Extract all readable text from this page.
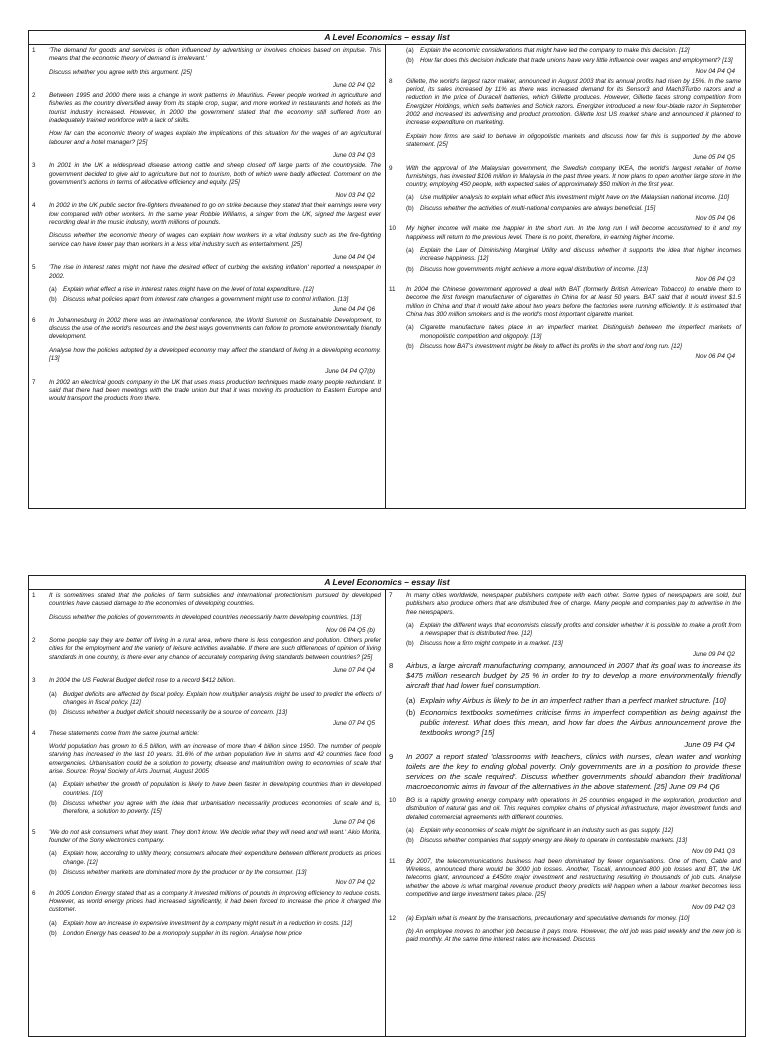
A Level Economics – essay list
1 'The demand for goods and services is often influenced by advertising or involves choices based on impulse. This means that the economic theory of demand is irrelevant.'

Discuss whether you agree with this argument. [25]

June 02 P4 Q2
2 Between 1995 and 2000 there was a change in work patterns in Mauritius. Fewer people worked in agriculture and fisheries as the country diversified away from its staple crop, sugar, and more worked in restaurants and hotels as the tourist industry increased. However, in 2000 the government stated that the economy still suffered from an inadequately trained workforce with a lack of skills.

How far can the economic theory of wages explain the implications of this situation for the wages of an agricultural labourer and a hotel manager? [25]

June 03 P4 Q3
3 In 2001 in the UK a widespread disease among cattle and sheep closed off large parts of the countryside. The government decided to give aid to agriculture but not to tourism, both of which were badly affected. Comment on the government's actions in terms of allocative efficiency and equity. [25]

Nov 03 P4 Q2
4 In 2002 in the UK public sector fire-fighters threatened to go on strike because they stated that their earnings were very low compared with other workers. In the same year Robbie Williams, a singer from the UK, signed the largest ever recording deal in the music industry, worth millions of pounds.

Discuss whether the economic theory of wages can explain how workers in a vital industry such as the fire-fighting service can have lower pay than workers in a less vital industry such as entertainment. [25]

June 04 P4 Q4
5 'The rise in interest rates might not have the desired effect of curbing the existing inflation' reported a newspaper in 2002.

(a) Explain what effect a rise in interest rates might have on the level of total expenditure. [12]
(b) Discuss what policies apart from interest rate changes a government might use to control inflation. [13]
June 04 P4 Q6
6 In Johannesburg in 2002 there was an international conference, the World Summit on Sustainable Development, to discuss the use of the world's resources and the best ways governments can follow to promote environmentally friendly development.

Analyse how the policies adopted by a developed economy may affect the standard of living in a developing economy. [13]

June 04 P4 Q7(b)
7 In 2002 an electrical goods company in the UK that uses mass production techniques made many people redundant. It said that there had been meetings with the trade union but that it was moving its production to Eastern Europe and would transport the products from there.

(a) Explain the economic considerations that might have led the company to make this decision. [12]
(b) How far does this decision indicate that trade unions have very little influence over wages and employment? [13]
Nov 04 P4 Q4
8 Gillette, the world's largest razor maker, announced in August 2003 that its annual profits had risen by 15%. In the same period, its sales increased by 11% as there was increased demand for its Sensor3 and Mach3Turbo razors and a reduction in the price of Duracell batteries, which Gillette produces. However, Gillette faces strong competition from Energizer Holdings, which sells batteries and Schick razors. Energizer introduced a new four-blade razor in September 2002 and increased its advertising and product promotion. Gillette lost US market share and announced it planned to increase expenditure on marketing.

Explain how firms are said to behave in oligopolistic markets and discuss how far this is supported by the above statement. [25]

June 05 P4 Q5
9 With the approval of the Malaysian government, the Swedish company IKEA, the world's largest retailer of home furnishings, has invested $106 million in Malaysia in the past three years. It now plans to open another large store in the country, employing 450 people, with expected sales of approximately $50 million in the first year.

(a) Use multiplier analysis to explain what effect this investment might have on the Malaysian national income. [10]
(b) Discuss whether the activities of multi-national companies are always beneficial. [15]
Nov 05 P4 Q6
10 My higher income will make me happier in the short run. In the long run I will become accustomed to it and my happiness will return to the previous level. There is no point, therefore, in earning higher income.

(a) Explain the Law of Diminishing Marginal Utility and discuss whether it supports the idea that higher incomes increase happiness. [12]
(b) Discuss how governments might achieve a more equal distribution of income. [13]
Nov 06 P4 Q3
11 In 2004 the Chinese government approved a deal with BAT (formerly British American Tobacco) to enable them to become the first foreign manufacturer of cigarettes in China for at least 50 years. BAT said that it would invest $1.5 million in China and that it would take about two years before the factories were running efficiently. It is estimated that China has 300 million smokers and is the world's most important cigarette market.

(a) Cigarette manufacture takes place in an imperfect market. Distinguish between the imperfect markets of monopolistic competition and oligopoly. [13]
(b) Discuss how BAT's investment might be likely to affect its profits in the short and long run. [12]
Nov 06 P4 Q4
A Level Economics – essay list
1 It is sometimes stated that the policies of farm subsidies and international protectionism pursued by developed countries have caused damage to the economies of developing countries.

Discuss whether the policies of governments in developed countries necessarily harm developing countries. [13]

Nov 06 P4 Q5 (b)
2 Some people say they are better off living in a rural area, where there is less congestion and pollution. Others prefer cities for the employment and the variety of leisure activities available. If there are such differences of opinion of living standards in one country, is there ever any chance of accurately comparing living standards between countries? [25]

June 07 P4 Q4
3 In 2004 the US Federal Budget deficit rose to a record $412 billion.

(a) Budget deficits are affected by fiscal policy. Explain how multiplier analysis might be used to predict the effects of changes in fiscal policy. [12]
(b) Discuss whether a budget deficit should necessarily be a source of concern. [13]
June 07 P4 Q5
4 These statements come from the same journal article:

World population has grown to 6.5 billion, with an increase of more than 4 billion since 1950. The number of people starving has increased in the last 10 years. 31.6% of the urban population live in slums and 42 countries face food emergencies. Urbanisation could be a solution to poverty, disease and malnutrition owing to economies of scale that arise. Source: Royal Society of Arts Journal, August 2005

(a) Explain whether the growth of population is likely to have been faster in developing countries than in developed countries. [10]
(b) Discuss whether you agree with the idea that urbanisation necessarily produces economies of scale and is, therefore, a solution to poverty. [15]
June 07 P4 Q6
5 'We do not ask consumers what they want. They don't know. We decide what they will need and will want.' Akio Morita, founder of the Sony electronics company.

(a) Explain how, according to utility theory, consumers allocate their expenditure between different products as prices change. [12]
(b) Discuss whether markets are dominated more by the producer or by the consumer. [13]
Nov 07 P4 Q2
6 In 2005 London Energy stated that as a company it invested millions of pounds in improving efficiency to reduce costs. However, as world energy prices had increased significantly, it had been forced to increase the price it charged the customer.

(a) Explain how an increase in expensive investment by a company might result in a reduction in costs. [12]
(b) London Energy has ceased to be a monopoly supplier in its region. Analyse how price
7 In many cities worldwide, newspaper publishers compete with each other. Some types of newspapers are sold, but publishers also produce others that are distributed free of charge. Many people and companies pay to advertise in the free newspapers.

(a) Explain the different ways that economists classify profits and consider whether it is possible to make a profit from a newspaper that is distributed free. [12]
(b) Discuss how a firm might compete in a market. [13]
June 09 P4 Q2
8 Airbus, a large aircraft manufacturing company, announced in 2007 that its goal was to increase its $475 million research budget by 25 % in order to try to develop a more environmentally friendly aircraft that had lower fuel consumption.

(a) Explain why Airbus is likely to be in an imperfect rather than a perfect market structure. [10]
(b) Economics textbooks sometimes criticise firms in imperfect competition as being against the public interest. What does this mean, and how far does the Airbus announcement prove the textbooks wrong? [15]
June 09 P4 Q4
9 In 2007 a report stated 'classrooms with teachers, clinics with nurses, clean water and working toilets are the key to ending global poverty. Only governments are in a position to provide these services on the scale required'. Discuss whether governments should abandon their traditional macroeconomic aims in favour of the alternatives in the above statement. [25] June 09 P4 Q6

10 BG is a rapidly growing energy company with operations in 25 countries engaged in the exploration, production and distribution of natural gas and oil. This requires complex chains of physical infrastructure, major investment funds and detailed commercial agreements with different countries.

(a) Explain why economies of scale might be significant in an industry such as gas supply. [12]
(b) Discuss whether companies that supply energy are likely to operate in contestable markets. [13]
Nov 09 P41 Q3
11 By 2007, the telecommunications business had been dominated by fewer organisations. One of them, Cable and Wireless, announced there would be 3000 job losses. Another, Tiscali, announced 800 job losses and BT, the UK telecoms giant, announced a £450m major investment and restructuring resulting in thousands of job cuts. Analyse whether the above is what marginal revenue product theory predicts will happen when a labour market becomes less competitive and large investment takes place. [25]

Nov 09 P42 Q3
12 (a) Explain what is meant by the transactions, precautionary and speculative demands for money. [10]

(b) An employee moves to another job because it pays more. However, the old job was paid weekly and the new job is paid monthly. At the same time interest rates are increased. Discuss
